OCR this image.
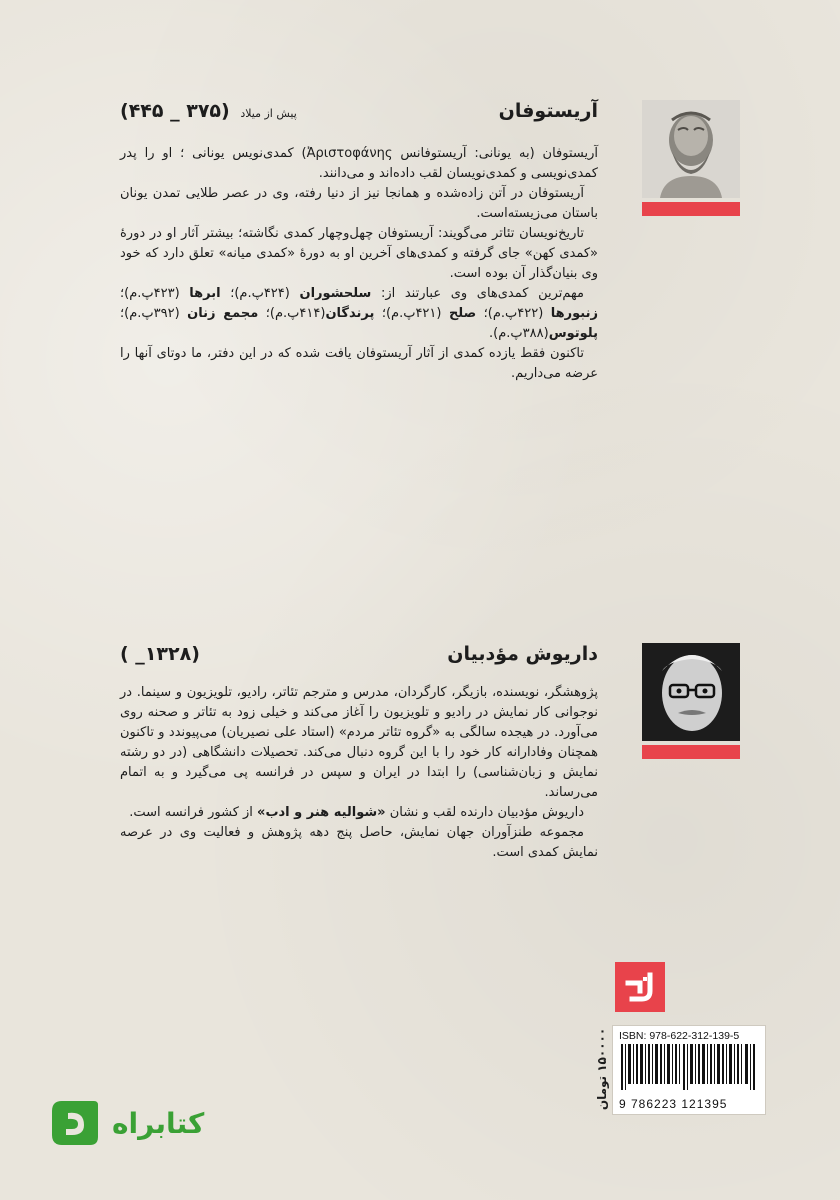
آریستوفان
پیش از میلاد (۳۷۵ _ ۴۴۵)

آریستوفان (به یونانی: آریستوفانس Ἀριστοφάνης) کمدی‌نویس یونانی ؛ او را پدر کمدی‌نویسی و کمدی‌نویسان لقب داده‌اند و می‌دانند.

آریستوفان در آتن زاده‌شده و همانجا نیز از دنیا رفته، وی در عصر طلایی تمدن یونان باستان می‌زیسته‌است.

تاریخ‌نویسان تئاتر می‌گویند: آریستوفان چهل‌وچهار کمدی نگاشته؛ بیشتر آثار او در دورهٔ «کمدی کهن» جای گرفته و کمدی‌های آخرین او به دورهٔ «کمدی میانه» تعلق دارد که خود وی بنیان‌گذار آن بوده است.

مهم‌ترین کمدی‌های وی عبارتند از: سلحشوران (۴۲۴پ.م)؛ ابرها (۴۲۳پ.م)؛ زنبورها (۴۲۲پ.م)؛ صلح (۴۲۱پ.م)؛ پرندگان(۴۱۴پ.م)؛ مجمع زنان (۳۹۲پ.م)؛ پلوتوس(۳۸۸پ.م).

تاکنون فقط یازده کمدی از آثار آریستوفان یافت شده که در این دفتر، ما دوتای آنها را عرضه می‌داریم.

داریوش مؤدبیان
(۱۳۲۸_ )

پژوهشگر، نویسنده، بازیگر، کارگردان، مدرس و مترجم تئاتر، رادیو، تلویزیون و سینما. در نوجوانی کار نمایش در رادیو و تلویزیون را آغاز می‌کند و خیلی زود به تئاتر و صحنه روی می‌آورد. در هیجده سالگی به «گروه تئاتر مردم» (استاد علی نصیریان) می‌پیوندد و تاکنون همچنان وفادارانه کار خود را با این گروه دنبال می‌کند. تحصیلات دانشگاهی (در دو رشته نمایش و زبان‌شناسی) را ابتدا در ایران و سپس در فرانسه پی می‌گیرد و به اتمام می‌رساند.

داریوش مؤدبیان دارنده لقب و نشان «شوالیه هنر و ادب» از کشور فرانسه است.

مجموعه طنزآوران جهان نمایش، حاصل پنج دهه پژوهش و فعالیت وی در عرصه نمایش کمدی است.

۱۵۰۰۰۰ تومان ISBN: 978-622-312-139-5
9 786223 121395
کتابراه
